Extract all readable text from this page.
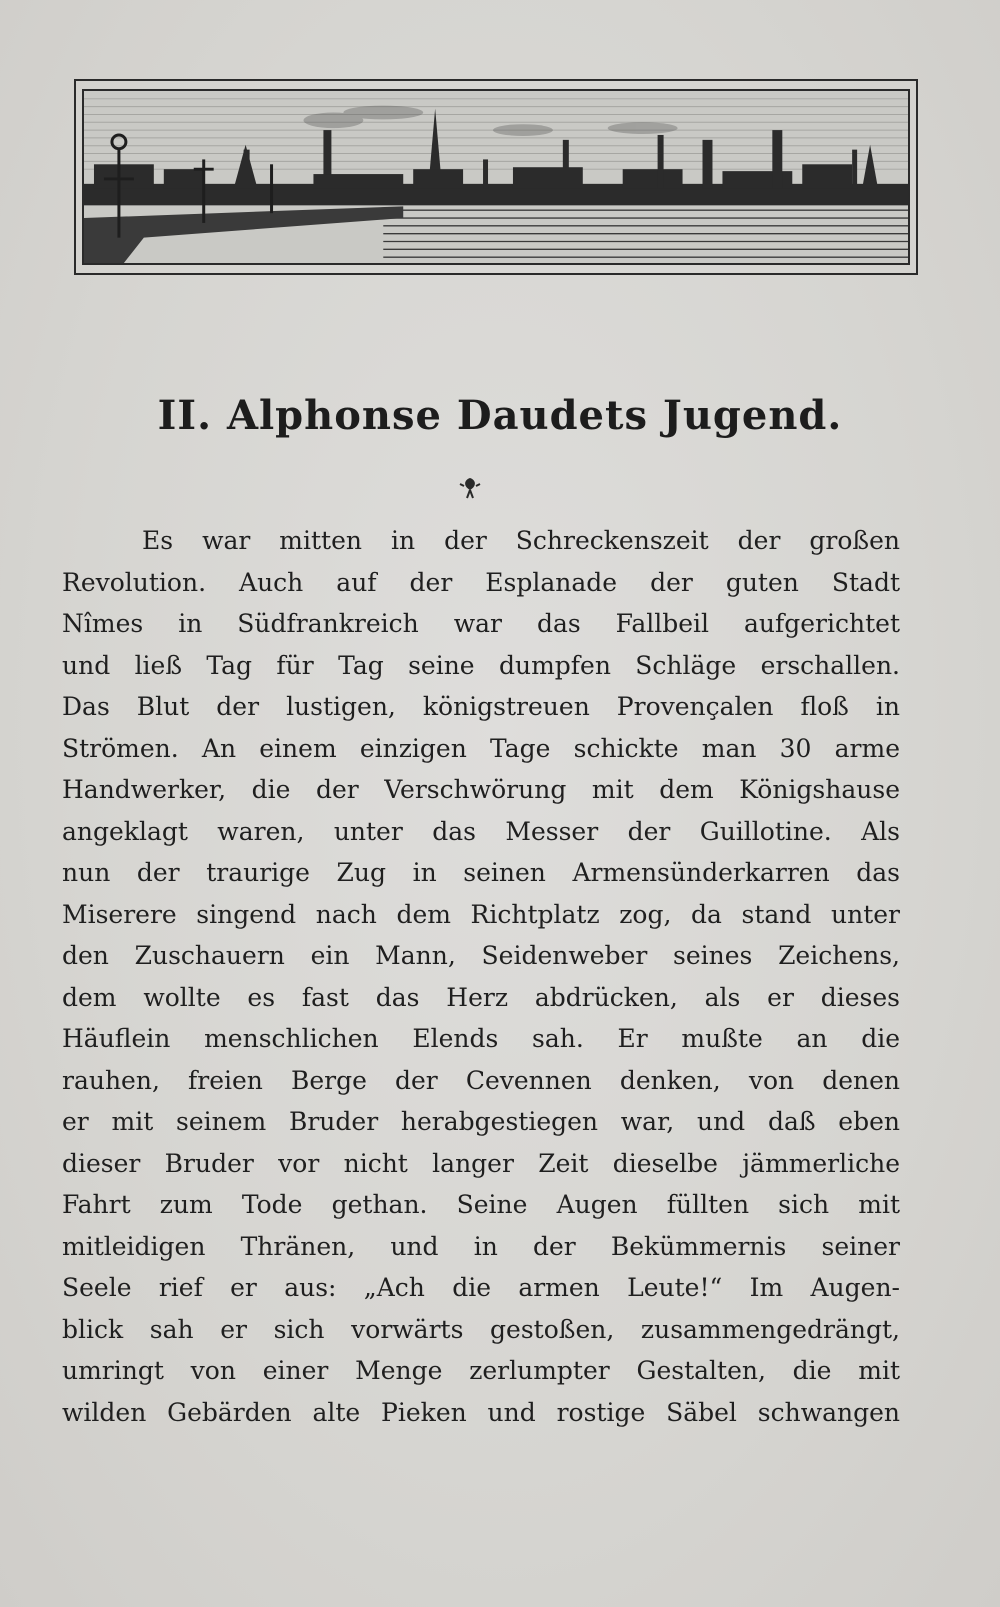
II. Alphonse Daudets Jugend.
Es war mitten in der Schreckenszeit der großen
Revolution. Auch auf der Esplanade der guten Stadt
Nîmes in Südfrankreich war das Fallbeil aufgerichtet
und ließ Tag für Tag seine dumpfen Schläge erschallen.
Das Blut der lustigen, königstreuen Provençalen floß in
Strömen. An einem einzigen Tage schickte man 30 arme
Handwerker, die der Verschwörung mit dem Königshause
angeklagt waren, unter das Messer der Guillotine. Als
nun der traurige Zug in seinen Armensünderkarren das
Miserere singend nach dem Richtplatz zog, da stand unter
den Zuschauern ein Mann, Seidenweber seines Zeichens,
dem wollte es fast das Herz abdrücken, als er dieses
Häuflein menschlichen Elends sah. Er mußte an die
rauhen, freien Berge der Cevennen denken, von denen
er mit seinem Bruder herabgestiegen war, und daß eben
dieser Bruder vor nicht langer Zeit dieselbe jämmerliche
Fahrt zum Tode gethan. Seine Augen füllten sich mit
mitleidigen Thränen, und in der Bekümmernis seiner
Seele rief er aus: „Ach die armen Leute!“ Im Augen-
blick sah er sich vorwärts gestoßen, zusammengedrängt,
umringt von einer Menge zerlumpter Gestalten, die mit
wilden Gebärden alte Pieken und rostige Säbel schwangen
